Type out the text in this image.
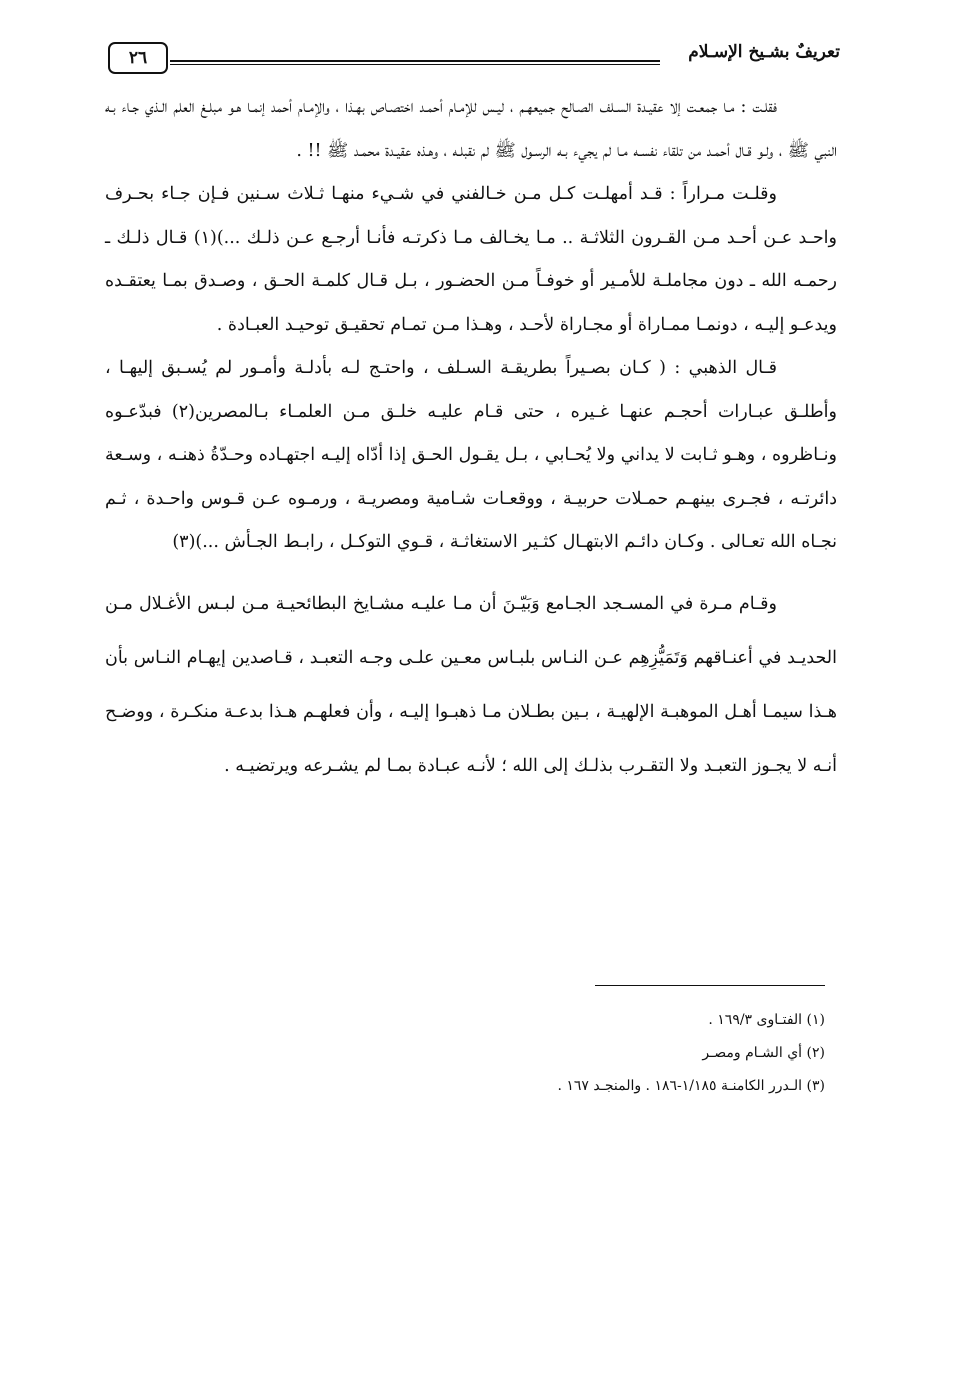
٢٦	تعريفٌ بشـيخ الإسـلام

فقلـت : مـا جمعـت إلا عقيـدة السـلف الصـالح جميعهـم ، ليـس للإمـام أحمـد اختصـاص بهـذا ، والإمـام أحمد إنمـا هـو مبلـغ العلم الـذي جـاء بـه النبي ﷺ ، ولـو قـال أحمـد من تلقاء نفسـه مـا لم يجيء بـه الرسـول ﷺ لم نقبلـه ، وهـذه عقيـدة محمـد ﷺ !! .

وقلـت مـراراً : قـد أمهلـت كـل مـن خـالفني في شـيء منهـا ثـلاث سـنين فـإن جـاء بحـرف واحـد عـن أحـد مـن القـرون الثلاثـة .. مـا يخـالف مـا ذكرتـه فأنـا أرجـع عـن ذلـك ...)(١) قـال ذلـك ـ رحمـه الله ـ دون مجاملـة للأمـير أو خوفـاً مـن الحضـور ، بـل قـال كلمـة الحـق ، وصـدق بمـا يعتقـده ويدعـو إليـه ، دونمـا ممـاراة أو مجـاراة لأحـد ، وهـذا مـن تمـام تحقيـق توحيـد العبـادة .

قـال الذهبي : ( كـان بصـيراً بطريقـة السـلف ، واحتـج لـه بأدلـة وأمـور لم يُسـبق إليهـا ، وأطلـق عبـارات أحجـم عنهـا غـيره ، حتى قـام عليـه خلـق مـن العلمـاء بـالمصرين(٢) فبدّعـوه ونـاظروه ، وهـو ثـابت لا يداني ولا يُحـابي ، بـل يقـول الحـق إذا أدّاه إليـه اجتهـاده وحـدّةُ ذهنـه ، وسـعة دائرتـه ، فجـرى بينهـم حمـلات حربيـة ، ووقعـات شـامية ومصريـة ، ورمـوه عـن قـوس واحـدة ، ثـم نجـاه الله تعـالى . وكـان دائـم الابتهـال كثـير الاستغاثـة ، قـوي التوكـل ، رابـط الجـأش ...)(٣)

وقـام مـرة في المسـجد الجـامع وَبَيّـنَ أن مـا عليـه مشـايخ البطائحيـة مـن لبـس الأغـلال مـن الحديـد في أعنـاقهم وَتَمَيُّزِهِم عـن النـاس بلبـاس معـين علـى وجـه التعبـد ، قـاصدين إيهـام النـاس بأن هـذا سيمـا أهـل الموهبـة الإلهيـة ، بـين بطـلان مـا ذهبـوا إليـه ، وأن فعلهـم هـذا بدعـة منكـرة ، ووضـح أنـه لا يجـوز التعبـد ولا التقـرب بذلـك إلى الله ؛ لأنـه عبـادة بمـا لم يشـرعه ويرتضيـه .

(١) الفتـاوى ١٦٩/٣ .
(٢) أي الشـام ومصـر
(٣) الـدرر الكامنـة ١/١٨٥-١٨٦ . والمنجـد ١٦٧ .
